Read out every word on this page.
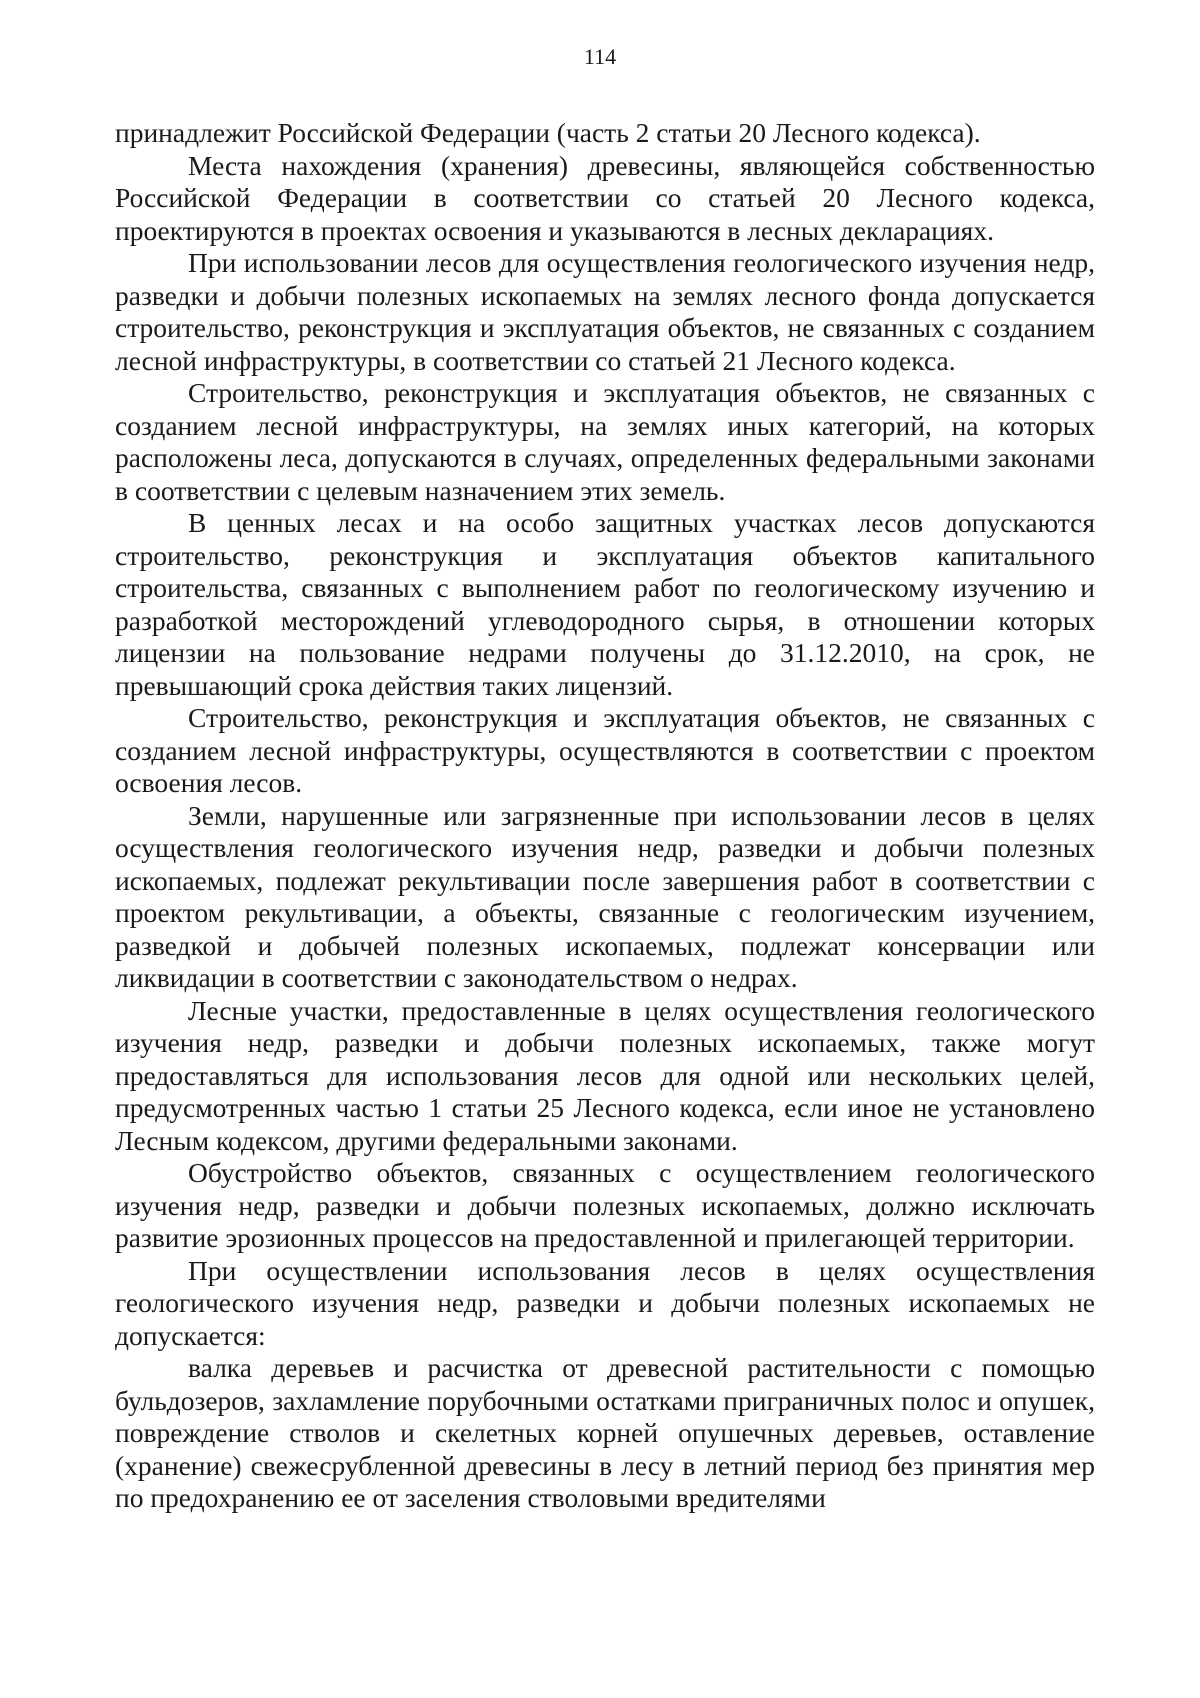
114

принадлежит Российской Федерации (часть 2 статьи 20 Лесного кодекса).

Места нахождения (хранения) древесины, являющейся собственностью Российской Федерации в соответствии со статьей 20 Лесного кодекса, проектируются в проектах освоения и указываются в лесных декларациях.

При использовании лесов для осуществления геологического изучения недр, разведки и добычи полезных ископаемых на землях лесного фонда допускается строительство, реконструкция и эксплуатация объектов, не связанных с созданием лесной инфраструктуры, в соответствии со статьей 21 Лесного кодекса.

Строительство, реконструкция и эксплуатация объектов, не связанных с созданием лесной инфраструктуры, на землях иных категорий, на которых расположены леса, допускаются в случаях, определенных федеральными законами в соответствии с целевым назначением этих земель.

В ценных лесах и на особо защитных участках лесов допускаются строительство, реконструкция и эксплуатация объектов капитального строительства, связанных с выполнением работ по геологическому изучению и разработкой месторождений углеводородного сырья, в отношении которых лицензии на пользование недрами получены до 31.12.2010, на срок, не превышающий срока действия таких лицензий.

Строительство, реконструкция и эксплуатация объектов, не связанных с созданием лесной инфраструктуры, осуществляются в соответствии с проектом освоения лесов.

Земли, нарушенные или загрязненные при использовании лесов в целях осуществления геологического изучения недр, разведки и добычи полезных ископаемых, подлежат рекультивации после завершения работ в соответствии с проектом рекультивации, а объекты, связанные с геологическим изучением, разведкой и добычей полезных ископаемых, подлежат консервации или ликвидации в соответствии с законодательством о недрах.

Лесные участки, предоставленные в целях осуществления геологического изучения недр, разведки и добычи полезных ископаемых, также могут предоставляться для использования лесов для одной или нескольких целей, предусмотренных частью 1 статьи 25 Лесного кодекса, если иное не установлено Лесным кодексом, другими федеральными законами.

Обустройство объектов, связанных с осуществлением геологического изучения недр, разведки и добычи полезных ископаемых, должно исключать развитие эрозионных процессов на предоставленной и прилегающей территории.

При осуществлении использования лесов в целях осуществления геологического изучения недр, разведки и добычи полезных ископаемых не допускается:

валка деревьев и расчистка от древесной растительности с помощью бульдозеров, захламление порубочными остатками приграничных полос и опушек, повреждение стволов и скелетных корней опушечных деревьев, оставление (хранение) свежесрубленной древесины в лесу в летний период без принятия мер по предохранению ее от заселения стволовыми вредителями
